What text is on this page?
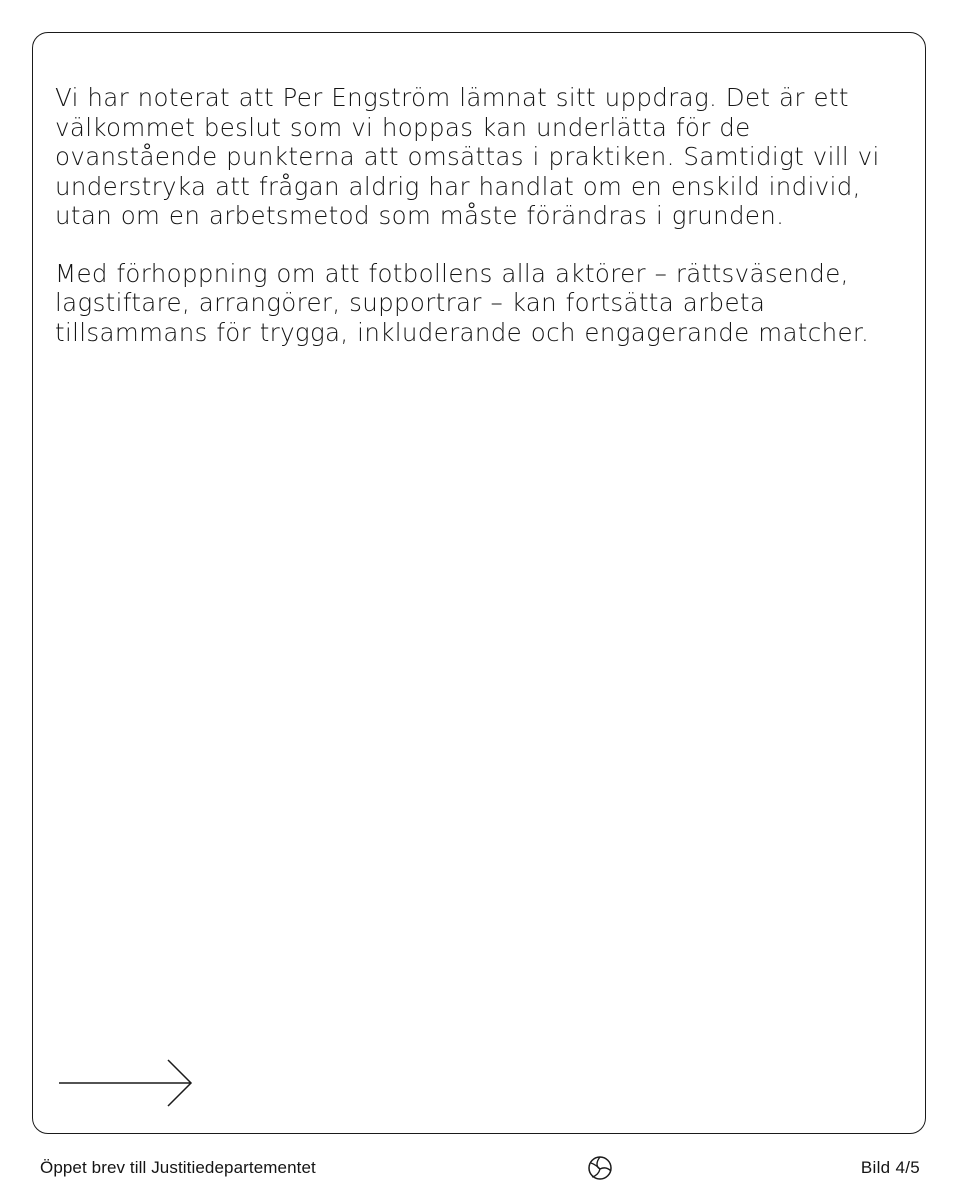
Vi har noterat att Per Engström lämnat sitt uppdrag. Det är ett välkommet beslut som vi hoppas kan underlätta för de ovanstående punkterna att omsättas i praktiken. Samtidigt vill vi understryka att frågan aldrig har handlat om en enskild individ, utan om en arbetsmetod som måste förändras i grunden.

Med förhoppning om att fotbollens alla aktörer – rättsväsende, lagstiftare, arrangörer, supportrar – kan fortsätta arbeta tillsammans för trygga, inkluderande och engagerande matcher.

Öppet brev till Justitiedepartementet	Bild 4/5
